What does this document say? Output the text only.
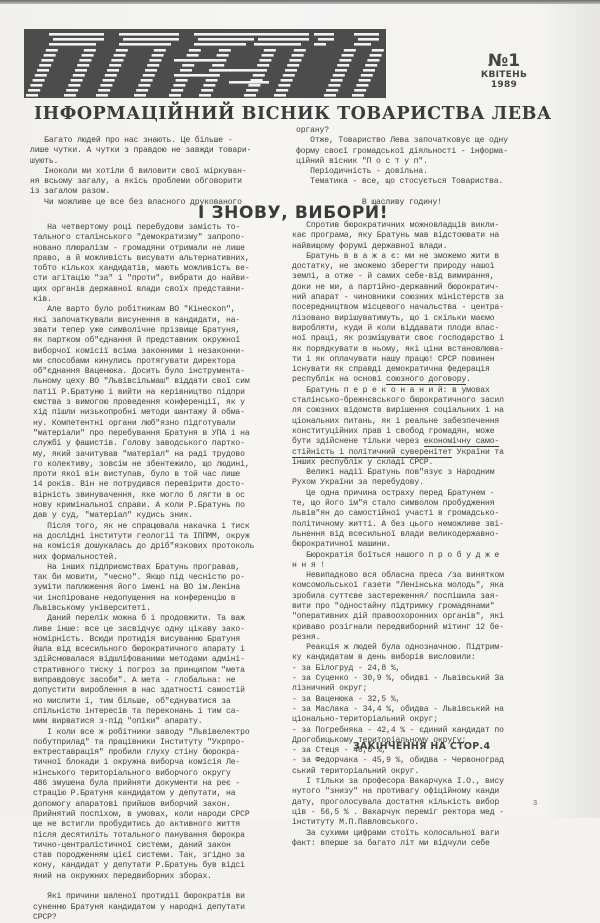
№1
КВІТЕНЬ
1989
ІНФОРМАЦІЙНИЙ ВІСНИК ТОВАРИСТВА ЛЕВА
Багато людей про нас знають. Це більше -
лише чутки. А чутки з правдою не завжди товари-
шують.
Іноколи ми хотіли б виловити свої міркуван-
ня всьому загалу, а якісь проблеми обговорити
із загалом разом.
Чи можливе це все без власного друкованого
органу?
Отже, Товариство Лева започатковує ще одну
форму своєї громадської діяльності - інформа-
ційний вісник "П о с т у п".
Періодичність - довільна.
Тематика - все, що стосується Товариства.

В щасливу годину!
І ЗНОВУ, ВИБОРИ!
На четвертому році перебудови замість то-
тального сталінського "демократизму" запропо-
новано плюралізм - громадяни отримали не лише
право, а й можливість висувати альтернативних,
тобто кількох кандидатів, мають можливість ве-
сти агітацію "за" і "проти", вибрати до найви-
щих органів державної влади своїх представни-
ків.
Але варто було робітникам ВО "Кінескоп",
які започаткували висунення в кандидати, на-
звати тепер уже символічне прізвище Братуня,
як партком об"єднання й представник окружної
виборчої комісії всіма законними і незаконни-
ми способами кинулись протягувати директора
об"єднання Ваценюка. Досить було інструмента-
льному цеху ВО "Львівсільмаш" віддати свої сим
патії Р.Братуню і вийти на керівництво підпри
ємства з вимогою проведення конференції, як у
хід пішли низькопробні методи шантажу й обма-
ну. Компетентні органи люб"язно підготували
"матеріали" про перебування Братуня в УПА і на
службі у фашистів. Голову заводського партко-
му, який зачитував "матеріал" на раді трудово
го колективу, зовсім не збентежило, що людині,
проти якої він виступав, було в той час лише
14 років. Він не потрудився перевірити досто-
вірність звинувачення, яке могло б лягти в ос
нову кримінальної справи. А коли Р.Братунь по
дав у суд, "матеріал" кудись зник.
Після того, як не спрацювала накачка і тиск
на дослідні інститути геології та ІППММ, окруж
на комісія дошукалась до дріб"язкових протоколь
них формальностей.
На інших підприємствах Братунь програвав,
так би мовити, "чесно". Якщо під чесністю ро-
зуміти паплюження його імені на ВО ім.Леніна
чи інспіроване недопущення на конференцію в
Львівському університеті.
Даний перелік можна б і продовжити. Та важ
ливе інше: все це засвідчує одну цікаву зако-
номірність. Всюди протидія висуванню Братуня
йшла від всесильного бюрократичного апарату і
здійснювалася відшліфованими методами адміні-
стративного тиску і погроз за принципом "мета
виправдовує засоби". А мета - глобальна: не
допустити вироблення в нас здатності самостій
но мислити і, тим більше, об"єднуватися за
спільністю інтересів та переконань і тим са-
мим вирватися з-під "опіки" апарату.
І коли все ж робітники заводу "Львівелектро
побутприлад" та працівники Інституту "Укрпро-
ектреставрація" пробили глуху стіну бюрокра-
тичної блокади і окружна виборча комісія Ле-
нінського територіального виборчого округу
486 змушена була прийняти документи на реє -
страцію Р.Братуня кандидатом у депутати, на
допомогу апаратові прийшов виборчий закон.
Прийнятий поспіхом, в умовах, коли народи СРСР
ще не встигли пробудитись до активного життя
після десятиліть тотального панування бюрокра
тично-централістичної системи, даний закон
став породженням цієї системи. Так, згідно за
кону, кандидат у депутати Р.Братунь був відсі
яний на окружних передвиборних зборах.

Які причини шаленої протидії бюрократів ви
суненню Братуня кандидатом у народні депутати
СРСР?
Спротив бюрократичних можновладців викли-
кає програма, яку Братунь мав відстоювати на
найвищому форумі державної влади.
Братунь в в а ж а є: ми не зможемо жити в
достатку, не зможемо зберегти природу нашої
землі, а отже - й самих себе-від вимирання,
доки не ми, а партійно-державний бюрократич-
ний апарат - чиновники союзних міністерств за
посередництвом місцевого начальства - центра-
лізовано вирішуватимуть, що і скільки маємо
виробляти, куди й коли віддавати плоди влас-
ної праці, як розміщувати своє господарство і
як порядкувати в ньому, які ціни встановлюва-
ти і як оплачувати нашу працю! СРСР повинен
існувати як справді демократична федерація
республік на основі союзного договору.
Братунь п е р е к о н а н и й: в умовах
сталінсько-брежнєвського бюрократичного засил
ля союзних відомств вирішення соціальних і на
ціональних питань, як і реальне забезпечення
конституційних прав і свобод громадян, може
бути здійснене тільки через економічну само-
стійність і політичний суверенітет України та
інших республік у складі СРСР.
Великі надії Братунь пов"язує з Народним
Рухом України за перебудову.
Це одна причина остраху перед Братунем -
те, що його ім"я стало символом пробудження
львів"ян до самостійної участі в громадсько-
політичному житті. А без цього неможливе зві-
льнення від всесильної влади великодержавно-
бюрократичної машини.
Бюрократія боїться нашого п р о б у д ж е
н н я !
Невипадково вся обласна преса /за винятком
комсомольської газети "Ленінська молодь", яка
зробила суттєве застереження/ поспішила зая-
вити про "одностайну підтримку громадянами"
"оперативних дій правоохоронних органів", які
криваво розігнали передвиборний мітинг 12 бе-
резня.
Реакція ж людей була однозначною. Підтрим-
ку кандидатам в день виборів висловили:
- за Білогруд - 24,8 %,
- за Суценко - 30,9 %, обидві - Львівський За
лізничний округ;
- за Ваценюка - 32,5 %,
- за Маслака - 34,4 %, обидва - Львівський на
ціонально-територіальний округ;
- за Погребняка - 42,4 % - єдиний кандидат по
Дрогобицькому територіальному округу;
- за Стеця - 46,0 %,
- за Федорчака - 45,9 %, обидва - Червоноград
ський територіальний округ.
І тільки за професора Вакарчука І.О., вису
нутого "знизу" на противагу офіційному канди
дату, проголосувала достатня кількість вибор
ців - 56,5 % . Вакарчук переміг ректора мед -
інституту М.П.Павловського.
За сухими цифрами стоїть колосальної ваги
факт: вперше за багато літ ми відчули себе
ЗАКІНЧЕННЯ НА СТОР.4
3
